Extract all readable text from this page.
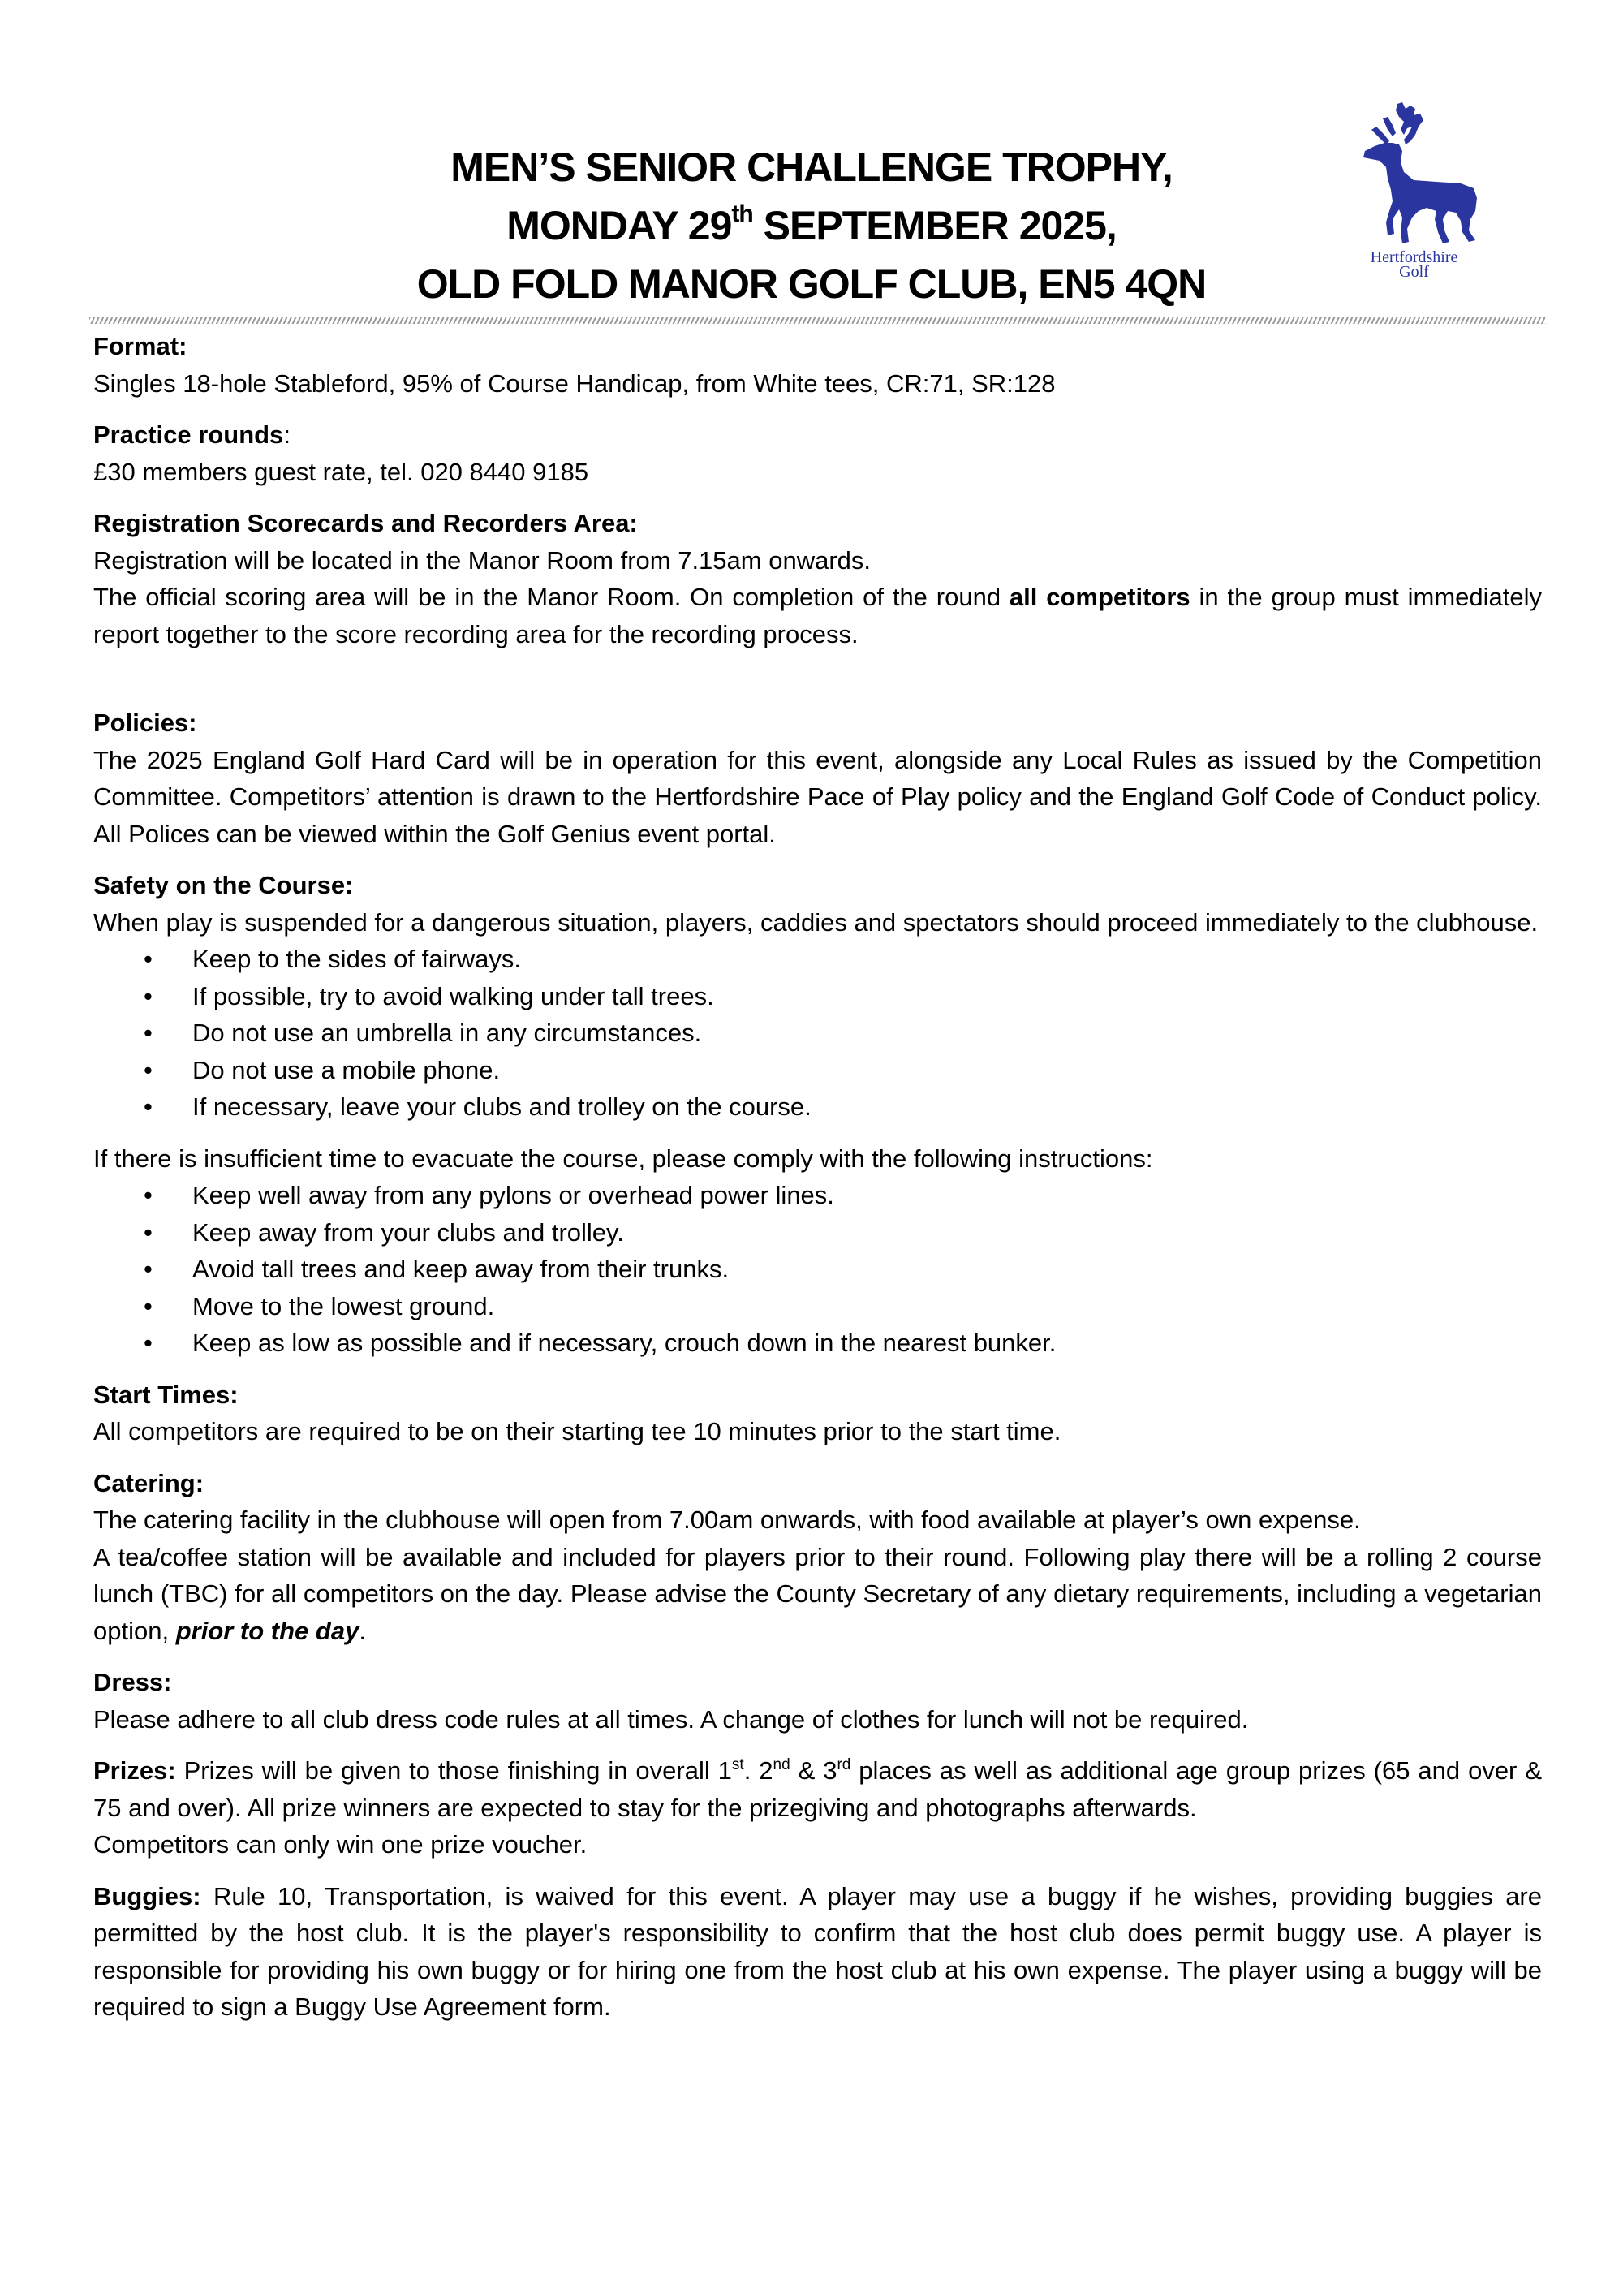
MEN’S SENIOR CHALLENGE TROPHY,
MONDAY 29th SEPTEMBER 2025,
OLD FOLD MANOR GOLF CLUB, EN5 4QN
Hertfordshire
Golf
Format:
Singles 18-hole Stableford, 95% of Course Handicap, from White tees, CR:71, SR:128
Practice rounds:
£30 members guest rate, tel. 020 8440 9185
Registration Scorecards and Recorders Area:
Registration will be located in the Manor Room from 7.15am onwards.
The official scoring area will be in the Manor Room. On completion of the round all competitors in the group must immediately report together to the score recording area for the recording process.
Policies:
The 2025 England Golf Hard Card will be in operation for this event, alongside any Local Rules as issued by the Competition Committee. Competitors’ attention is drawn to the Hertfordshire Pace of Play policy and the England Golf Code of Conduct policy. All Polices can be viewed within the Golf Genius event portal.
Safety on the Course:
When play is suspended for a dangerous situation, players, caddies and spectators should proceed immediately to the clubhouse.
• Keep to the sides of fairways.
• If possible, try to avoid walking under tall trees.
• Do not use an umbrella in any circumstances.
• Do not use a mobile phone.
• If necessary, leave your clubs and trolley on the course.
If there is insufficient time to evacuate the course, please comply with the following instructions:
• Keep well away from any pylons or overhead power lines.
• Keep away from your clubs and trolley.
• Avoid tall trees and keep away from their trunks.
• Move to the lowest ground.
• Keep as low as possible and if necessary, crouch down in the nearest bunker.
Start Times:
All competitors are required to be on their starting tee 10 minutes prior to the start time.
Catering:
The catering facility in the clubhouse will open from 7.00am onwards, with food available at player’s own expense.
A tea/coffee station will be available and included for players prior to their round. Following play there will be a rolling 2 course lunch (TBC) for all competitors on the day. Please advise the County Secretary of any dietary requirements, including a vegetarian option, prior to the day.
Dress:
Please adhere to all club dress code rules at all times. A change of clothes for lunch will not be required.
Prizes: Prizes will be given to those finishing in overall 1st. 2nd & 3rd places as well as additional age group prizes (65 and over & 75 and over). All prize winners are expected to stay for the prizegiving and photographs afterwards.
Competitors can only win one prize voucher.
Buggies: Rule 10, Transportation, is waived for this event. A player may use a buggy if he wishes, providing buggies are permitted by the host club. It is the player's responsibility to confirm that the host club does permit buggy use. A player is responsible for providing his own buggy or for hiring one from the host club at his own expense. The player using a buggy will be required to sign a Buggy Use Agreement form.
